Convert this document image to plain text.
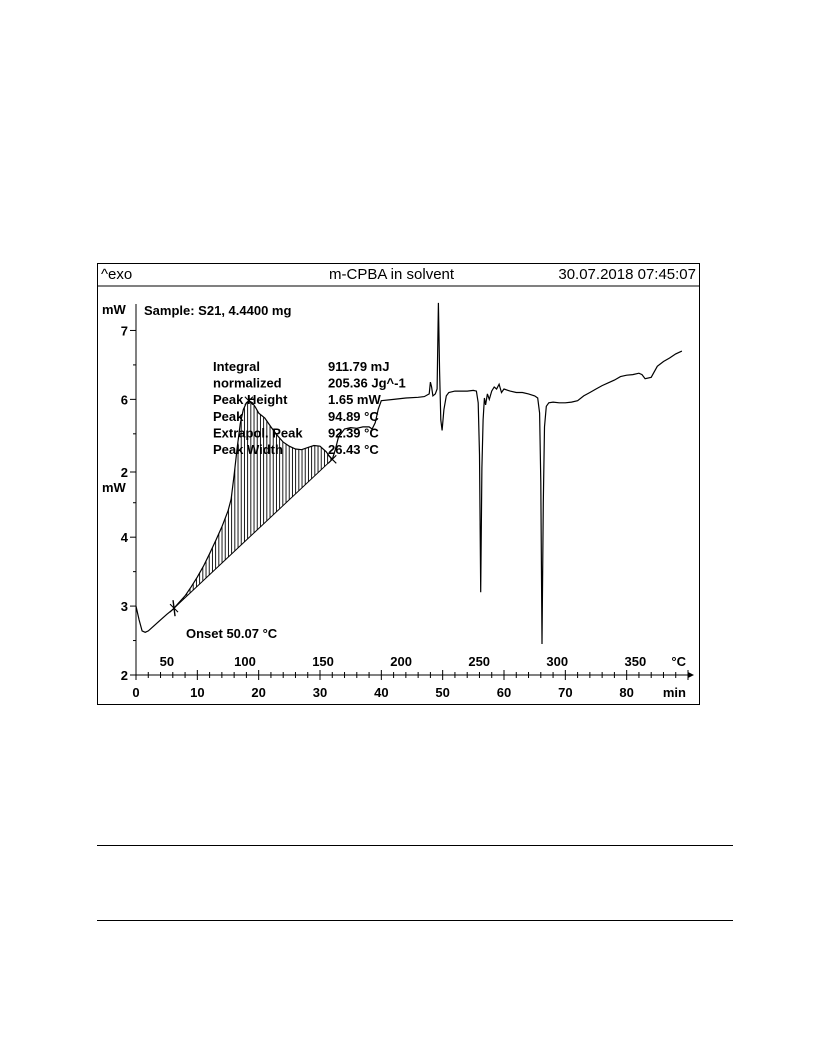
^exo	m-CPBA in solvent	30.07.2018 07:45:07
mW
mW
Sample: S21, 4.4400 mg
2
3
4
6
7
2
0	10	20	30	40	50	60	70	80 min
50	100	150	200	250	300	350 °C
Integral	911.79 mJ
normalized	205.36 Jg^-1
Peak Height	1.65 mW
Peak	94.89 °C
Extrapol. Peak 92.39 °C
Peak Width	26.43 °C
Onset 50.07 °C
